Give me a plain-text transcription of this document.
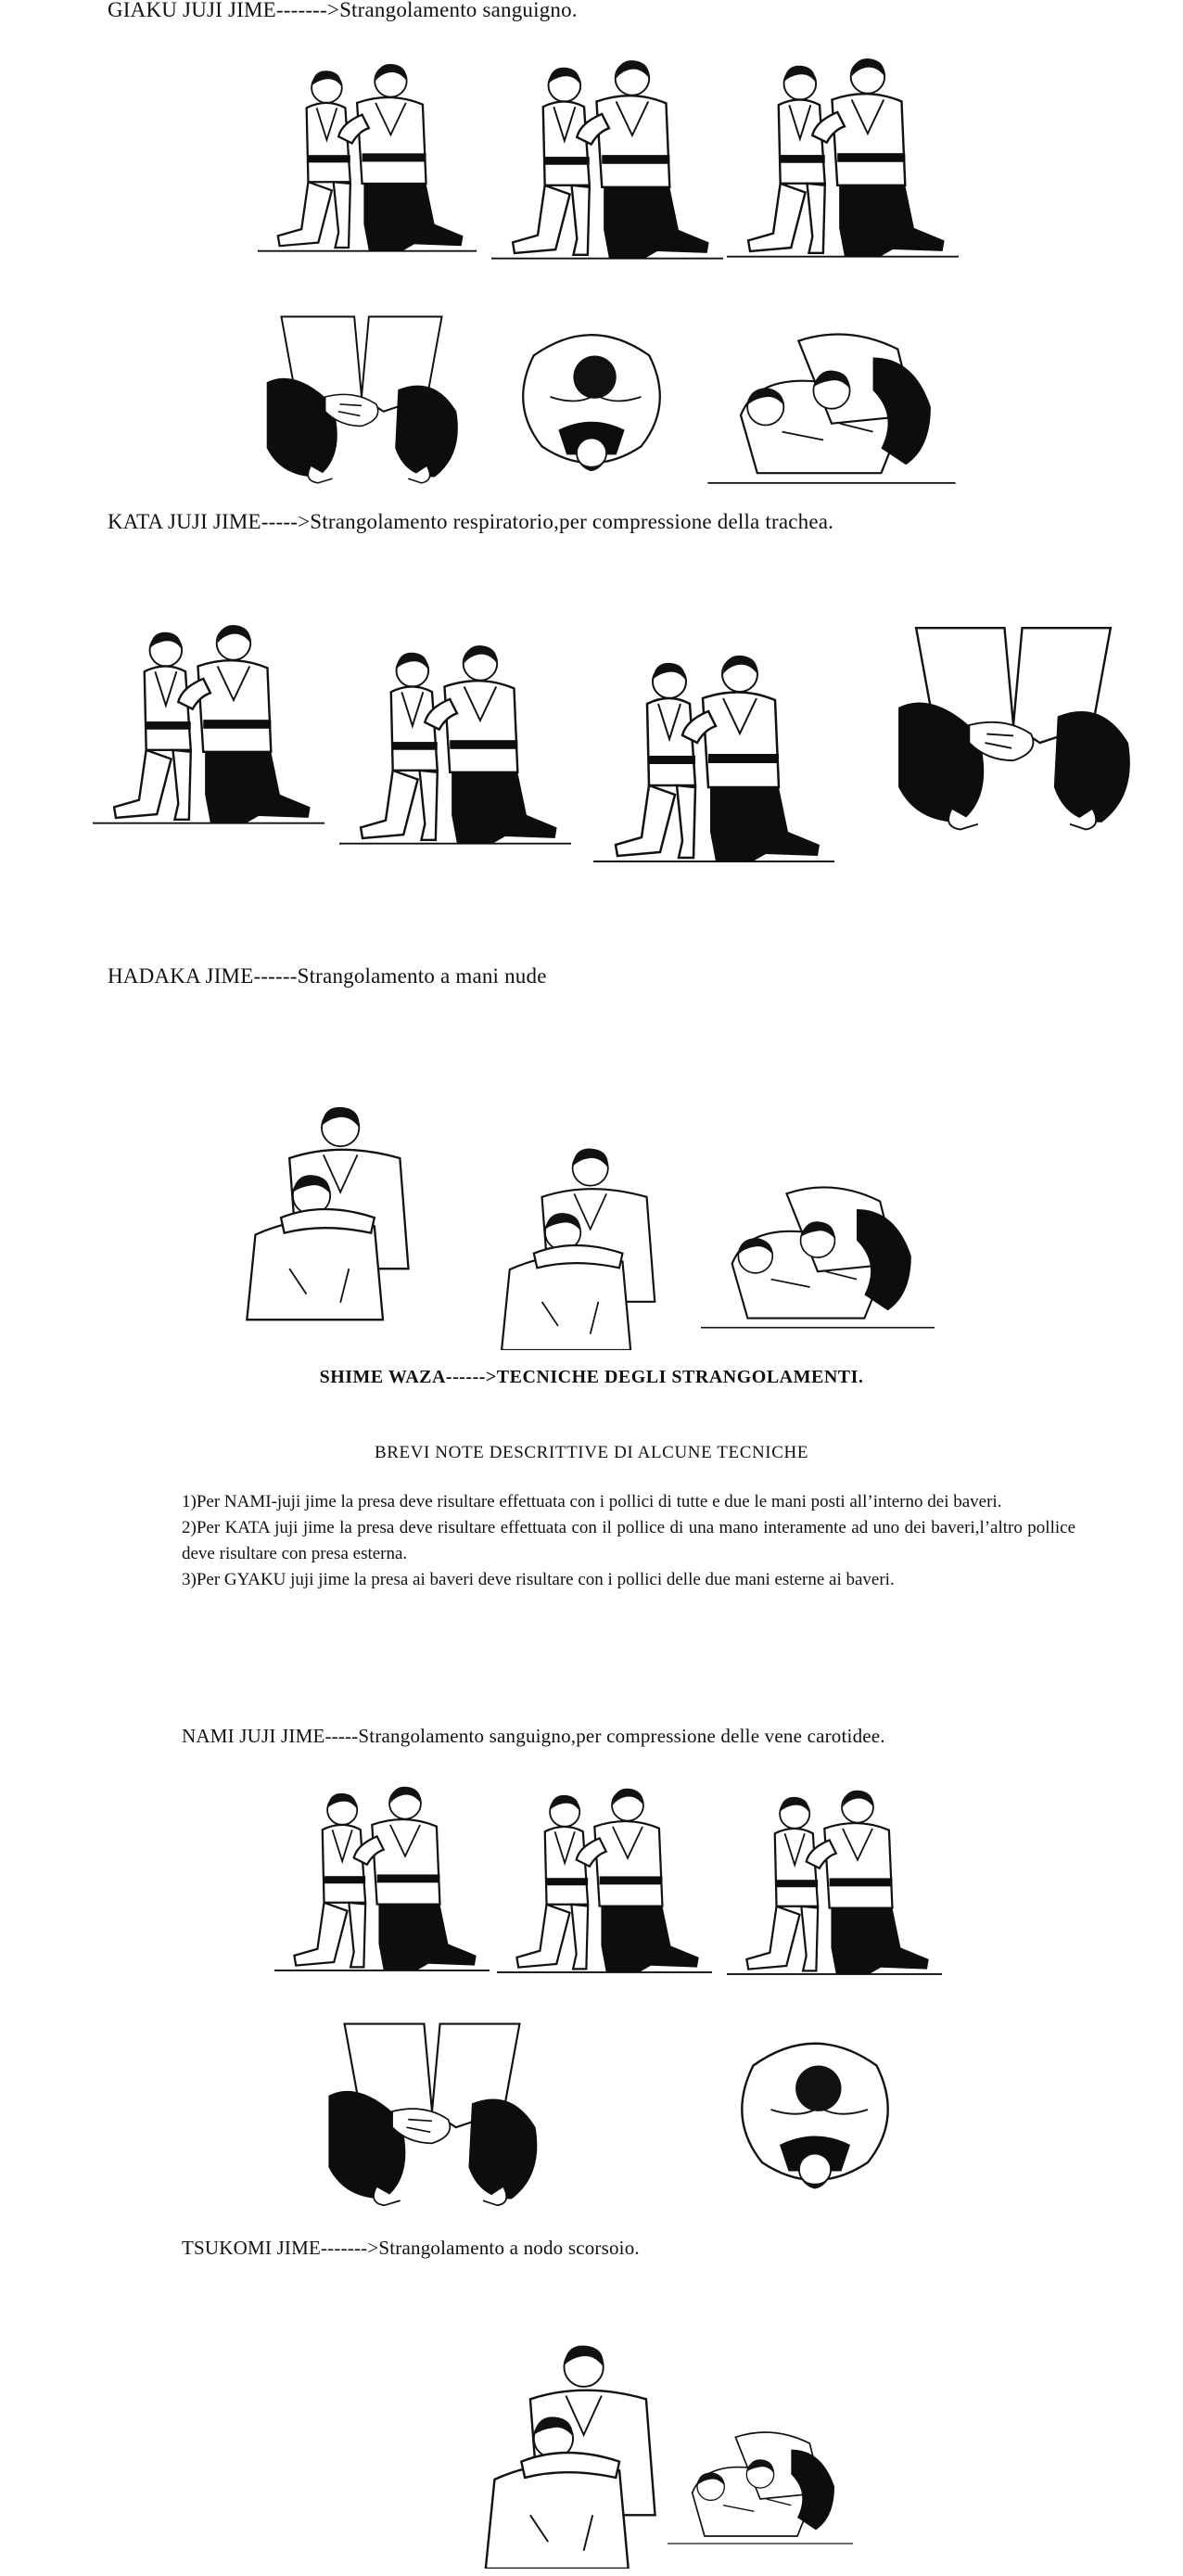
GIAKU JUJI JIME------->Strangolamento sanguigno.
KATA JUJI JIME----->Strangolamento respiratorio,per compressione della trachea.
HADAKA JIME------Strangolamento a mani nude
SHIME WAZA------>TECNICHE DEGLI STRANGOLAMENTI.
BREVI NOTE DESCRITTIVE DI ALCUNE TECNICHE
1)Per NAMI-juji jime la presa deve risultare effettuata con i pollici di tutte e due le mani posti all’interno dei baveri.
2)Per KATA juji jime la presa deve risultare effettuata con il pollice di una mano interamente ad uno dei baveri,l’altro pollice deve risultare con presa esterna.
3)Per GYAKU juji jime la presa ai baveri deve risultare con i pollici delle due mani esterne ai baveri.
NAMI JUJI JIME-----Strangolamento sanguigno,per compressione delle vene carotidee.
TSUKOMI JIME------->Strangolamento a nodo scorsoio.
